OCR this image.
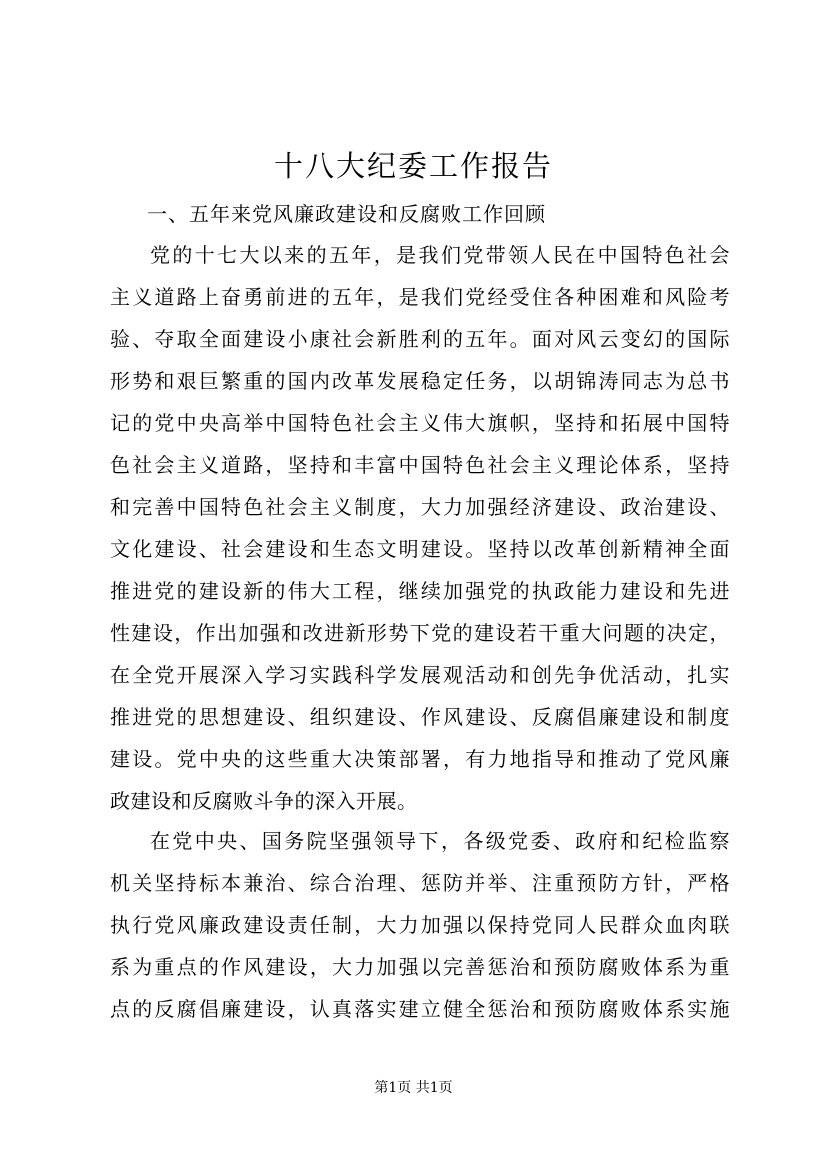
十八大纪委工作报告

一、五年来党风廉政建设和反腐败工作回顾

党的十七大以来的五年，是我们党带领人民在中国特色社会
主义道路上奋勇前进的五年，是我们党经受住各种困难和风险考
验、夺取全面建设小康社会新胜利的五年。面对风云变幻的国际
形势和艰巨繁重的国内改革发展稳定任务，以胡锦涛同志为总书
记的党中央高举中国特色社会主义伟大旗帜，坚持和拓展中国特
色社会主义道路，坚持和丰富中国特色社会主义理论体系，坚持
和完善中国特色社会主义制度，大力加强经济建设、政治建设、
文化建设、社会建设和生态文明建设。坚持以改革创新精神全面
推进党的建设新的伟大工程，继续加强党的执政能力建设和先进
性建设，作出加强和改进新形势下党的建设若干重大问题的决定，
在全党开展深入学习实践科学发展观活动和创先争优活动，扎实
推进党的思想建设、组织建设、作风建设、反腐倡廉建设和制度
建设。党中央的这些重大决策部署，有力地指导和推动了党风廉
政建设和反腐败斗争的深入开展。
在党中央、国务院坚强领导下，各级党委、政府和纪检监察
机关坚持标本兼治、综合治理、惩防并举、注重预防方针，严格
执行党风廉政建设责任制，大力加强以保持党同人民群众血肉联
系为重点的作风建设，大力加强以完善惩治和预防腐败体系为重
点的反腐倡廉建设，认真落实建立健全惩治和预防腐败体系实施

第1页 共1页
